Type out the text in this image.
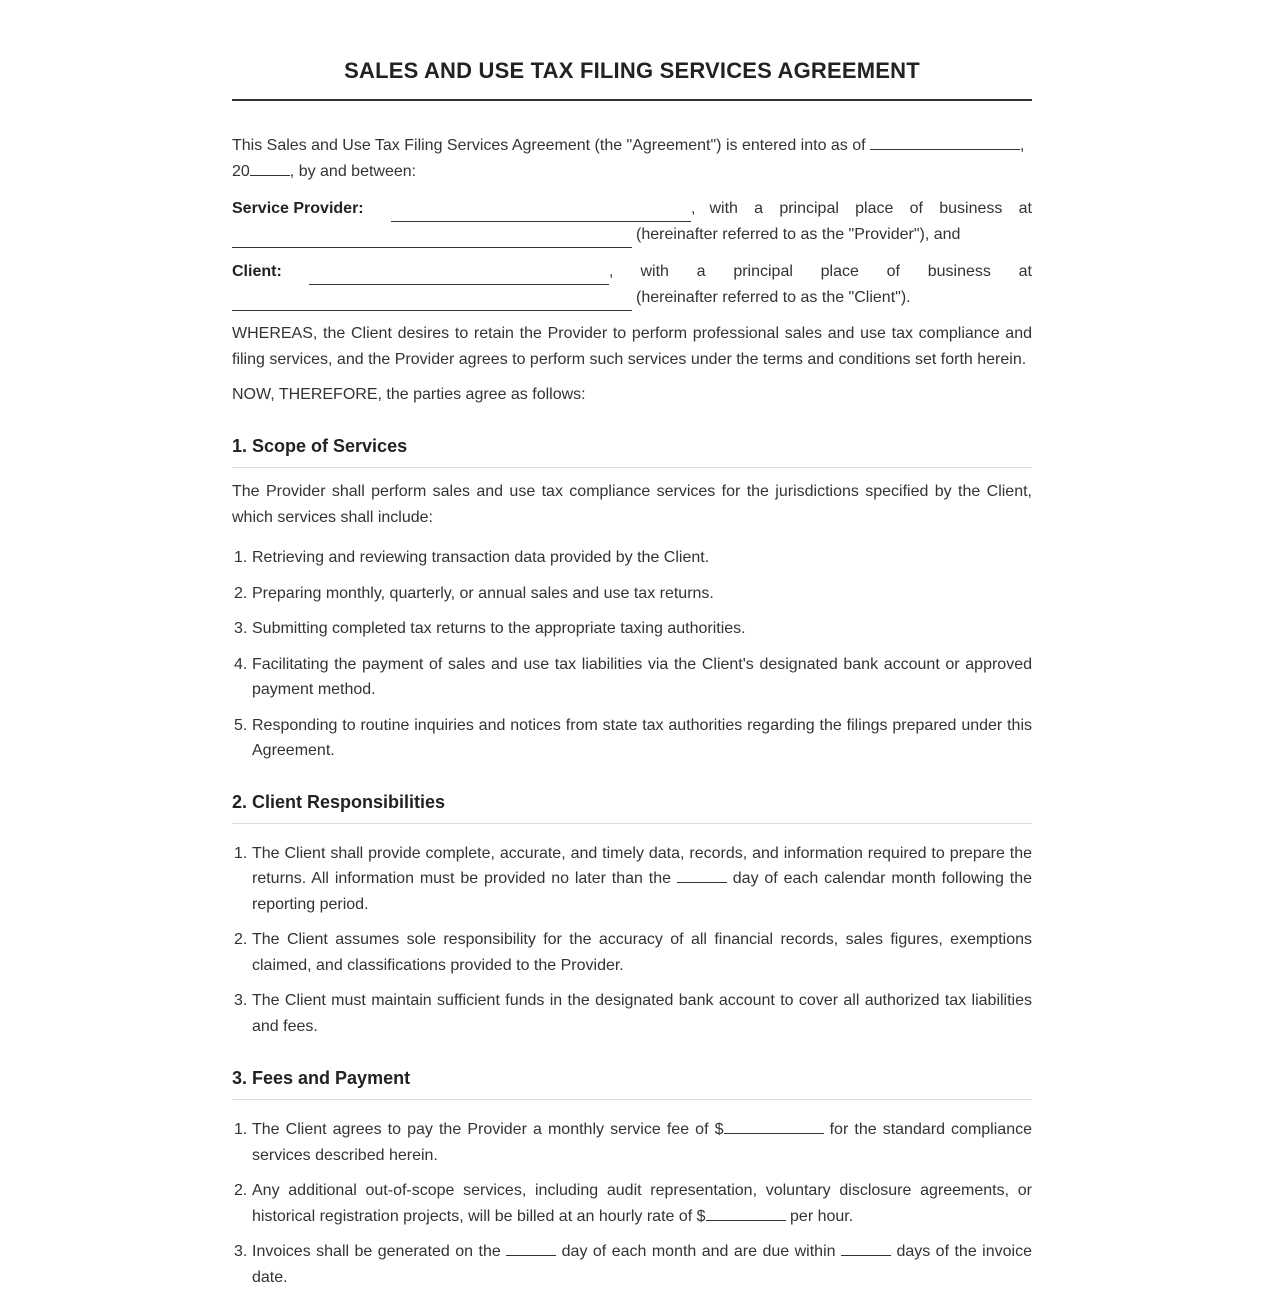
SALES AND USE TAX FILING SERVICES AGREEMENT

This Sales and Use Tax Filing Services Agreement (the "Agreement") is entered into as of	,
20	, by and between:

Service Provider:	, with a principal place of business at
(hereinafter referred to as the "Provider"), and
Client:	, with a principal place of business at
(hereinafter referred to as the "Client").

WHEREAS, the Client desires to retain the Provider to perform professional sales and use tax compliance and filing services, and the Provider agrees to perform such services under the terms and conditions set forth herein.

NOW, THEREFORE, the parties agree as follows:

1. Scope of Services

The Provider shall perform sales and use tax compliance services for the jurisdictions specified by the Client, which services shall include:

1. Retrieving and reviewing transaction data provided by the Client.
2. Preparing monthly, quarterly, or annual sales and use tax returns.
3. Submitting completed tax returns to the appropriate taxing authorities.
4. Facilitating the payment of sales and use tax liabilities via the Client's designated bank account or approved payment method.
5. Responding to routine inquiries and notices from state tax authorities regarding the filings prepared under this Agreement.
2. Client Responsibilities
1. The Client shall provide complete, accurate, and timely data, records, and information required to prepare the returns. All information must be provided no later than the	day of each calendar month following the reporting period.
2. The Client assumes sole responsibility for the accuracy of all financial records, sales figures, exemptions claimed, and classifications provided to the Provider.
3. The Client must maintain sufficient funds in the designated bank account to cover all authorized tax liabilities and fees.
3. Fees and Payment
1. The Client agrees to pay the Provider a monthly service fee of $	for the standard compliance services described herein.
2. Any additional out-of-scope services, including audit representation, voluntary disclosure agreements, or historical registration projects, will be billed at an hourly rate of $	per hour.
3. Invoices shall be generated on the	day of each month and are due within	days of the invoice date.
